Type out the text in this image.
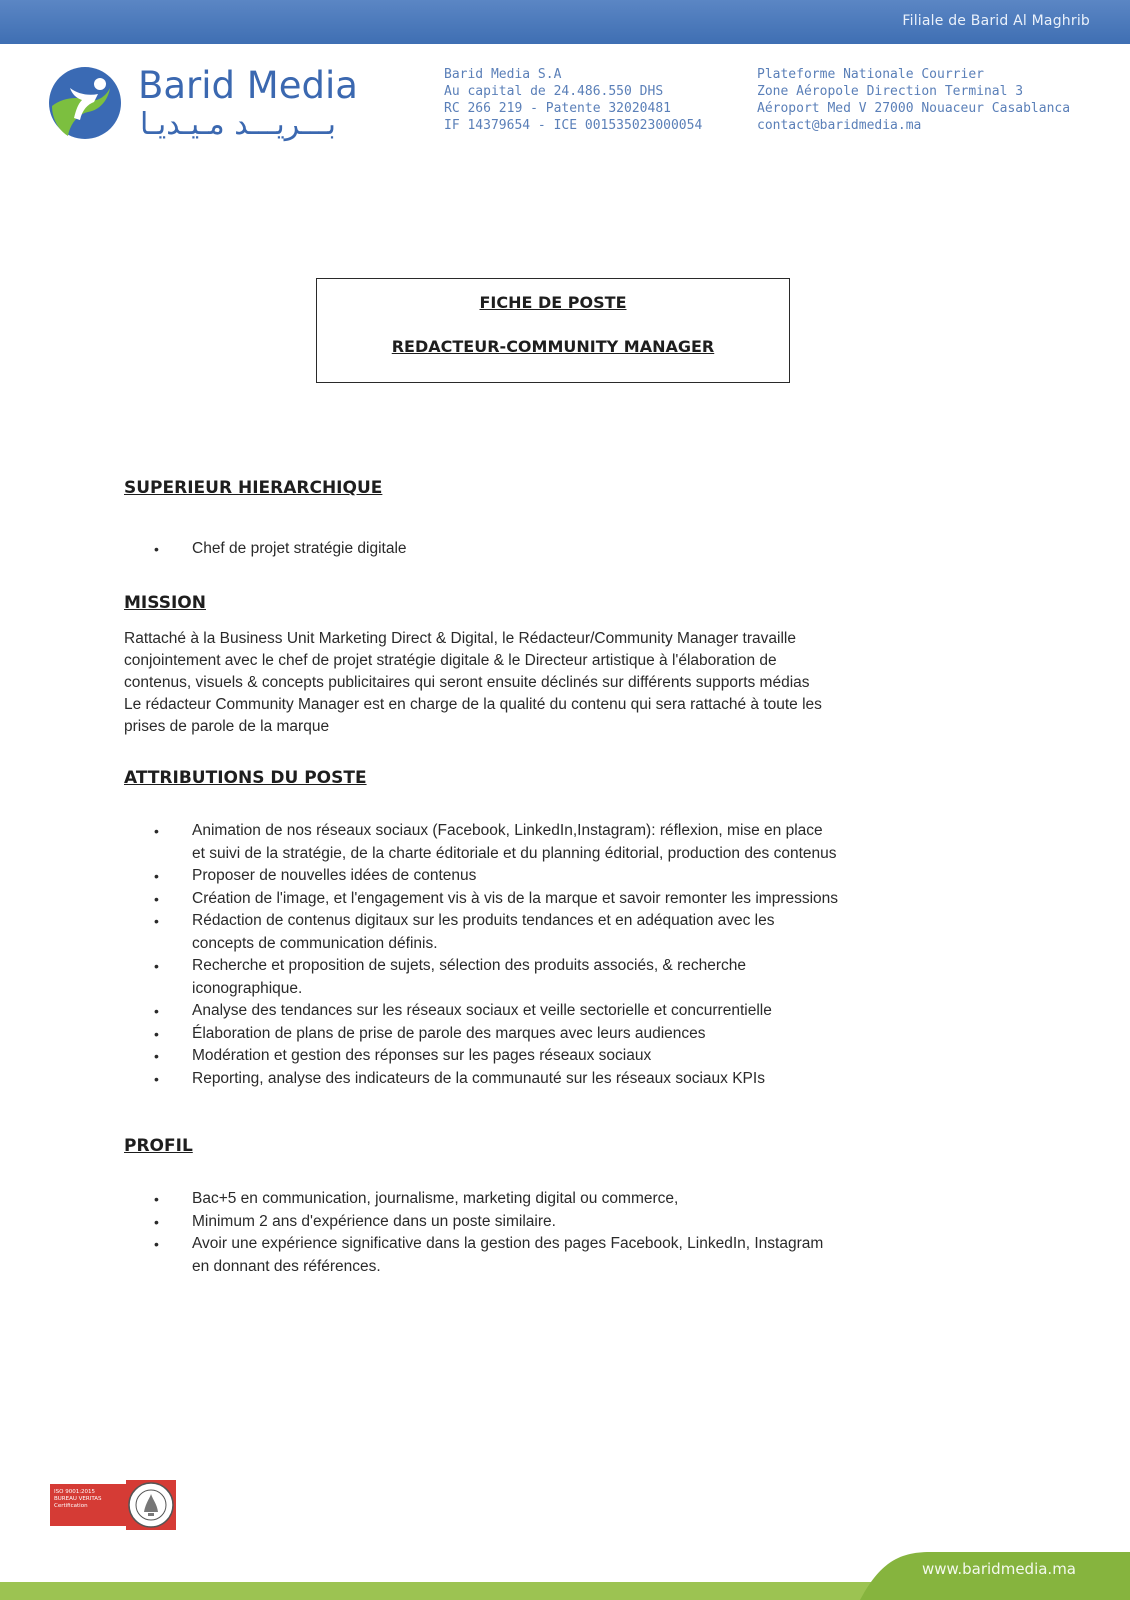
Filiale de Barid Al Maghrib
Barid Media
بـــريـــد مـيـديـا
Barid Media S.A
Au capital de 24.486.550 DHS
RC 266 219 - Patente 32020481
IF 14379654 - ICE 001535023000054
Plateforme Nationale Courrier
Zone Aéropole Direction Terminal 3
Aéroport Med V 27000 Nouaceur Casablanca
contact@baridmedia.ma
FICHE DE POSTE
REDACTEUR-COMMUNITY MANAGER
SUPERIEUR HIERARCHIQUE
• Chef de projet stratégie digitale
MISSION
Rattaché à la Business Unit Marketing Direct & Digital, le Rédacteur/Community Manager travaille
conjointement avec le chef de projet stratégie digitale & le Directeur artistique à l'élaboration de
contenus, visuels & concepts publicitaires qui seront ensuite déclinés sur différents supports médias
Le rédacteur Community Manager est en charge de la qualité du contenu qui sera rattaché à toute les
prises de parole de la marque
ATTRIBUTIONS DU POSTE
• Animation de nos réseaux sociaux (Facebook, LinkedIn,Instagram): réflexion, mise en place
et suivi de la stratégie, de la charte éditoriale et du planning éditorial, production des contenus
• Proposer de nouvelles idées de contenus
• Création de l'image, et l'engagement vis à vis de la marque et savoir remonter les impressions
• Rédaction de contenus digitaux sur les produits tendances et en adéquation avec les
concepts de communication définis.
• Recherche et proposition de sujets, sélection des produits associés, & recherche
iconographique.
• Analyse des tendances sur les réseaux sociaux et veille sectorielle et concurrentielle
• Élaboration de plans de prise de parole des marques avec leurs audiences
• Modération et gestion des réponses sur les pages réseaux sociaux
• Reporting, analyse des indicateurs de la communauté sur les réseaux sociaux KPIs
PROFIL
• Bac+5 en communication, journalisme, marketing digital ou commerce,
• Minimum 2 ans d'expérience dans un poste similaire.
• Avoir une expérience significative dans la gestion des pages Facebook, LinkedIn, Instagram
en donnant des références.
ISO 9001:2015
BUREAU VERITAS
Certification
www.baridmedia.ma
